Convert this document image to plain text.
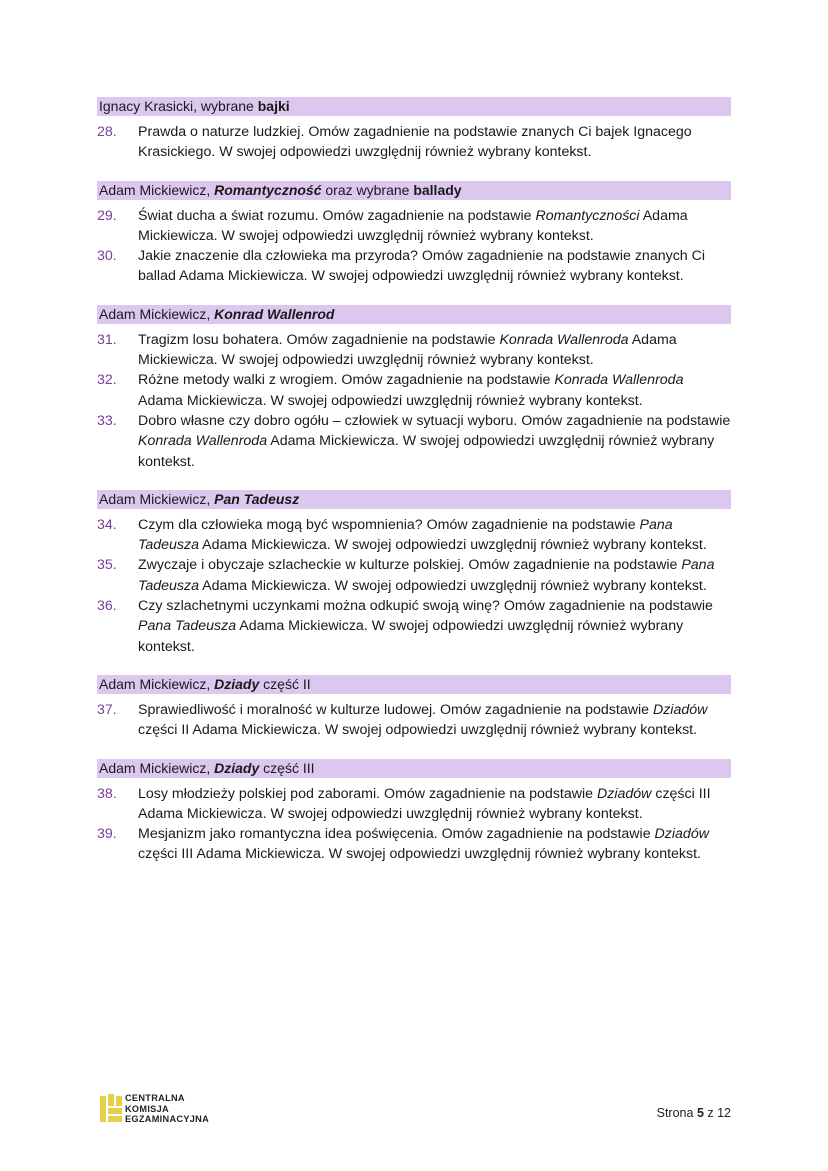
Ignacy Krasicki, wybrane bajki
28.	Prawda o naturze ludzkiej. Omów zagadnienie na podstawie znanych Ci bajek Ignacego Krasickiego. W swojej odpowiedzi uwzględnij również wybrany kontekst.
Adam Mickiewicz, Romantyczność oraz wybrane ballady
29.	Świat ducha a świat rozumu. Omów zagadnienie na podstawie Romantyczności Adama Mickiewicza. W swojej odpowiedzi uwzględnij również wybrany kontekst.
30.	Jakie znaczenie dla człowieka ma przyroda? Omów zagadnienie na podstawie znanych Ci ballad Adama Mickiewicza. W swojej odpowiedzi uwzględnij również wybrany kontekst.
Adam Mickiewicz, Konrad Wallenrod
31.	Tragizm losu bohatera. Omów zagadnienie na podstawie Konrada Wallenroda Adama Mickiewicza. W swojej odpowiedzi uwzględnij również wybrany kontekst.
32.	Różne metody walki z wrogiem. Omów zagadnienie na podstawie Konrada Wallenroda Adama Mickiewicza. W swojej odpowiedzi uwzględnij również wybrany kontekst.
33.	Dobro własne czy dobro ogółu – człowiek w sytuacji wyboru. Omów zagadnienie na podstawie Konrada Wallenroda Adama Mickiewicza. W swojej odpowiedzi uwzględnij również wybrany kontekst.
Adam Mickiewicz, Pan Tadeusz
34.	Czym dla człowieka mogą być wspomnienia? Omów zagadnienie na podstawie Pana Tadeusza Adama Mickiewicza. W swojej odpowiedzi uwzględnij również wybrany kontekst.
35.	Zwyczaje i obyczaje szlacheckie w kulturze polskiej. Omów zagadnienie na podstawie Pana Tadeusza Adama Mickiewicza. W swojej odpowiedzi uwzględnij również wybrany kontekst.
36.	Czy szlachetnymi uczynkami można odkupić swoją winę? Omów zagadnienie na podstawie Pana Tadeusza Adama Mickiewicza. W swojej odpowiedzi uwzględnij również wybrany kontekst.
Adam Mickiewicz, Dziady część II
37.	Sprawiedliwość i moralność w kulturze ludowej. Omów zagadnienie na podstawie Dziadów części II Adama Mickiewicza. W swojej odpowiedzi uwzględnij również wybrany kontekst.
Adam Mickiewicz, Dziady część III
38.	Losy młodzieży polskiej pod zaborami. Omów zagadnienie na podstawie Dziadów części III Adama Mickiewicza. W swojej odpowiedzi uwzględnij również wybrany kontekst.
39.	Mesjanizm jako romantyczna idea poświęcenia. Omów zagadnienie na podstawie Dziadów części III Adama Mickiewicza. W swojej odpowiedzi uwzględnij również wybrany kontekst.
CENTRALNA
KOMISJA
EGZAMINACYJNA	Strona 5 z 12
